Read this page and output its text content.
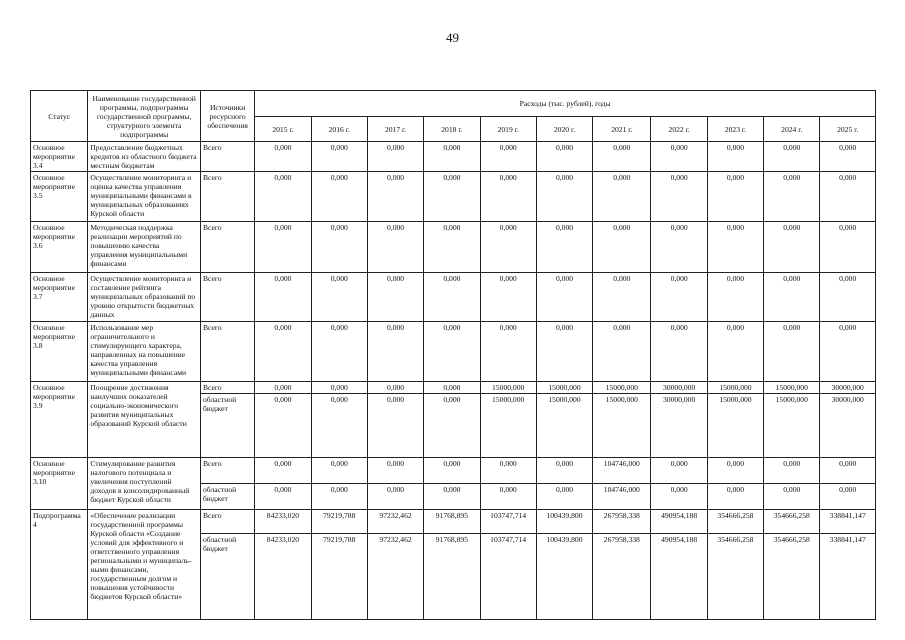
49
Статус	Наименование государственной программы, подпрограммы государственной программы, структурного элемента подпрограммы	Источники ресурсного обеспечения	Расходы (тыс. рублей), годы										
			2015 г.	2016 г.	2017 г.	2018 г.	2019 г.	2020 г.	2021 г.	2022 г.	2023 г.	2024 г.	2025 г.
Основное мероприятие 3.4	Предоставление бюджетных кредитов из областного бюджета местным бюджетам	Всего	0,000	0,000	0,000	0,000	0,000	0,000	0,000	0,000	0,000	0,000	0,000
Основное мероприятие 3.5	Осуществление мониторинга и оценка качества управления муниципальными финансами в муниципальных образованиях Курской области	Всего	0,000	0,000	0,000	0,000	0,000	0,000	0,000	0,000	0,000	0,000	0,000
Основное мероприятие 3.6	Методическая поддержка реализации мероприятий по повышению качества управления муниципальными финансами	Всего	0,000	0,000	0,000	0,000	0,000	0,000	0,000	0,000	0,000	0,000	0,000
Основное мероприятие 3.7	Осуществление мониторинга и составление рейтинга муниципальных образований по уровню открытости бюджетных данных	Всего	0,000	0,000	0,000	0,000	0,000	0,000	0,000	0,000	0,000	0,000	0,000
Основное мероприятие 3.8	Использование мер ограничительного и стимулирующего характера, направленных на повышение качества управления муниципальными финансами	Всего	0,000	0,000	0,000	0,000	0,000	0,000	0,000	0,000	0,000	0,000	0,000
Основное мероприятие 3.9	Поощрение достижения наилучших показателей социально-экономического развития муниципальных образований Курской области	Всего	0,000	0,000	0,000	0,000	15000,000	15000,000	15000,000	30000,000	15000,000	15000,000	30000,000
		областной бюджет	0,000	0,000	0,000	0,000	15000,000	15000,000	15000,000	30000,000	15000,000	15000,000	30000,000
Основное мероприятие 3.10	Стимулирование развития налогового потенциала и увеличения поступлений доходов в консолидированный бюджет Курской области	Всего	0,000	0,000	0,000	0,000	0,000	0,000	104746,000	0,000	0,000	0,000	0,000
		областной бюджет	0,000	0,000	0,000	0,000	0,000	0,000	104746,000	0,000	0,000	0,000	0,000
Подпрограмма 4	«Обеспечение реализации государственной программы Курской области «Создание условий для эффективного и ответственного управления региональными и муниципаль-ными финансами, государственным долгом и повышения устойчивости бюджетов Курской области»	Всего	84233,020	79219,788	97232,462	91768,895	103747,714	100439,800	267958,338	490954,188	354666,258	354666,258	338841,147
		областной бюджет	84233,020	79219,788	97232,462	91768,895	103747,714	100439,800	267958,338	490954,188	354666,258	354666,258	338841,147
